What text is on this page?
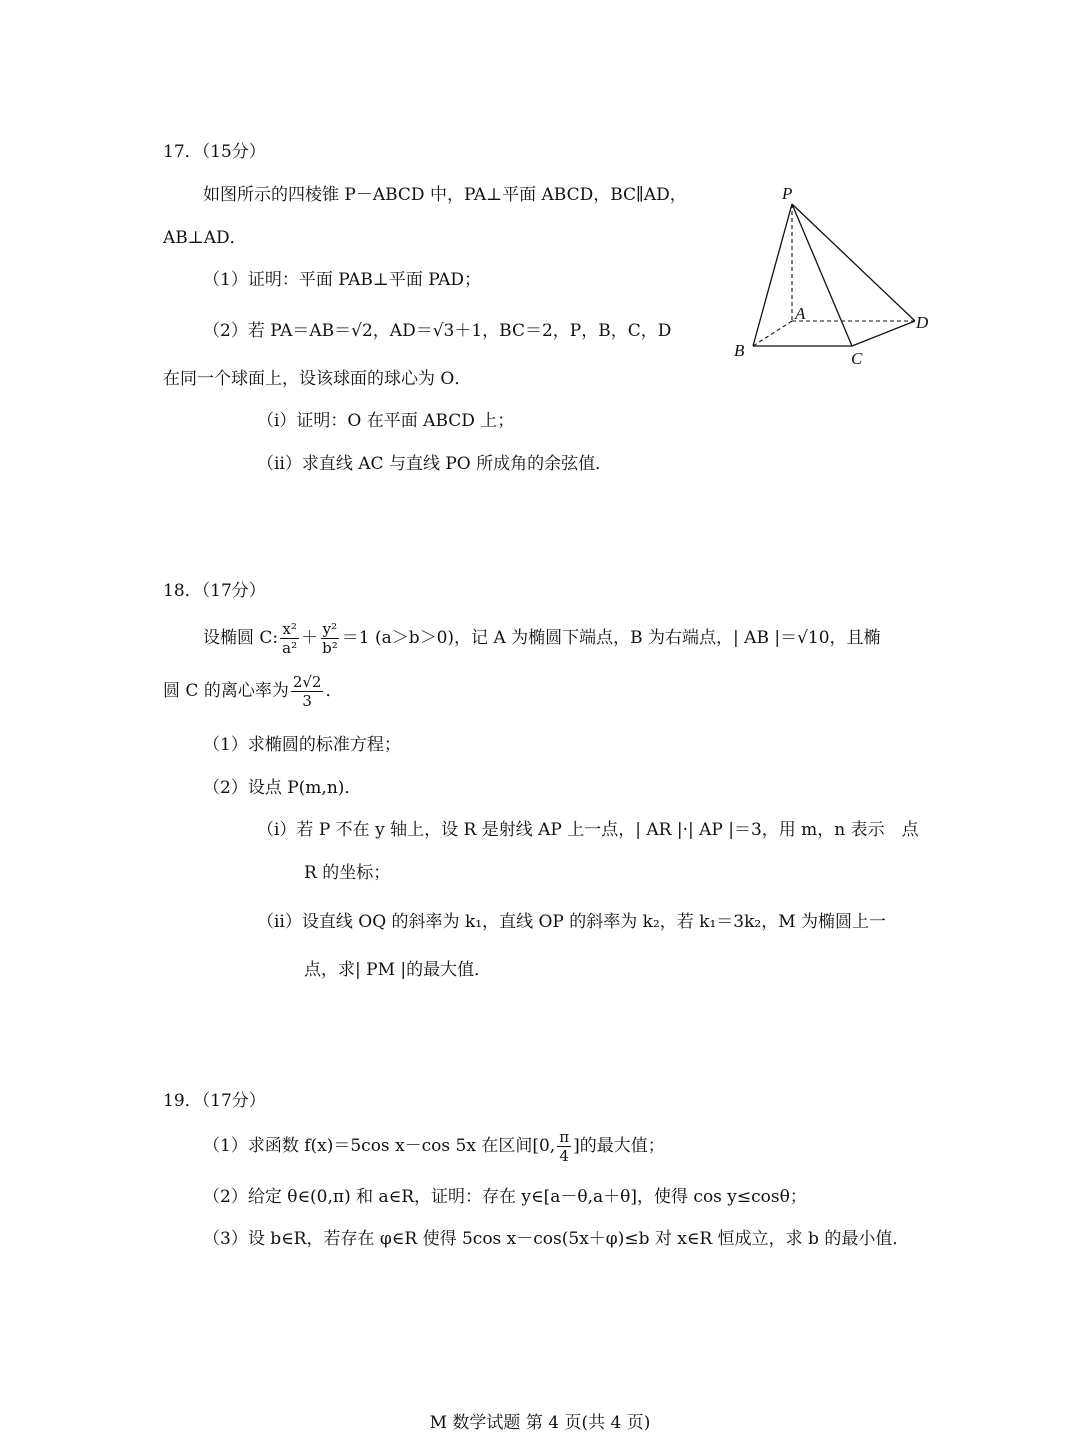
17．（15分）
如图所示的四棱锥 P－ABCD 中，PA⊥平面 ABCD，BC∥AD，
AB⊥AD．
（1）证明：平面 PAB⊥平面 PAD；
（2）若 PA＝AB＝√2，AD＝√3＋1，BC＝2，P，B，C，D
在同一个球面上，设该球面的球心为 O．
（ⅰ）证明：O 在平面 ABCD 上；
（ⅱ）求直线 AC 与直线 PO 所成角的余弦值．
P
A
B	C
D
18．（17分）
设椭圆 C: $\frac{\text{x²}}{\text{a²}} + \frac{\text{y²}}{\text{b²}} =1$ (a＞b＞0)，记 A 为椭圆下端点，B 为右端点，| AB |＝√10，且椭
圆 C 的离心率为 $\frac{2√2}{3}$ ．
（1）求椭圆的标准方程；
（2）设点 P(m,n)．
（ⅰ）若 P 不在 y 轴上，设 R 是射线 AP 上一点，| AR |·| AP |＝3，用 m，n 表示　点
R 的坐标；
（ⅱ）设直线 OQ 的斜率为 k₁，直线 OP 的斜率为 k₂，若 k₁＝3k₂，M 为椭圆上一
点，求| PM |的最大值．
19．（17分）
（1）求函数 f(x)＝5cos x－cos 5x 在区间[0, $\frac{\pi}{4}$ ]的最大值；
（2）给定 θ∈(0,π) 和 a∈R，证明：存在 y∈[a－θ,a＋θ]，使得 cos y≤cosθ；
（3）设 b∈R，若存在 φ∈R 使得 5cos x－cos(5x＋φ)≤b 对 x∈R 恒成立，求 b 的最小值．
M 数学试题 第 4 页(共 4 页)
